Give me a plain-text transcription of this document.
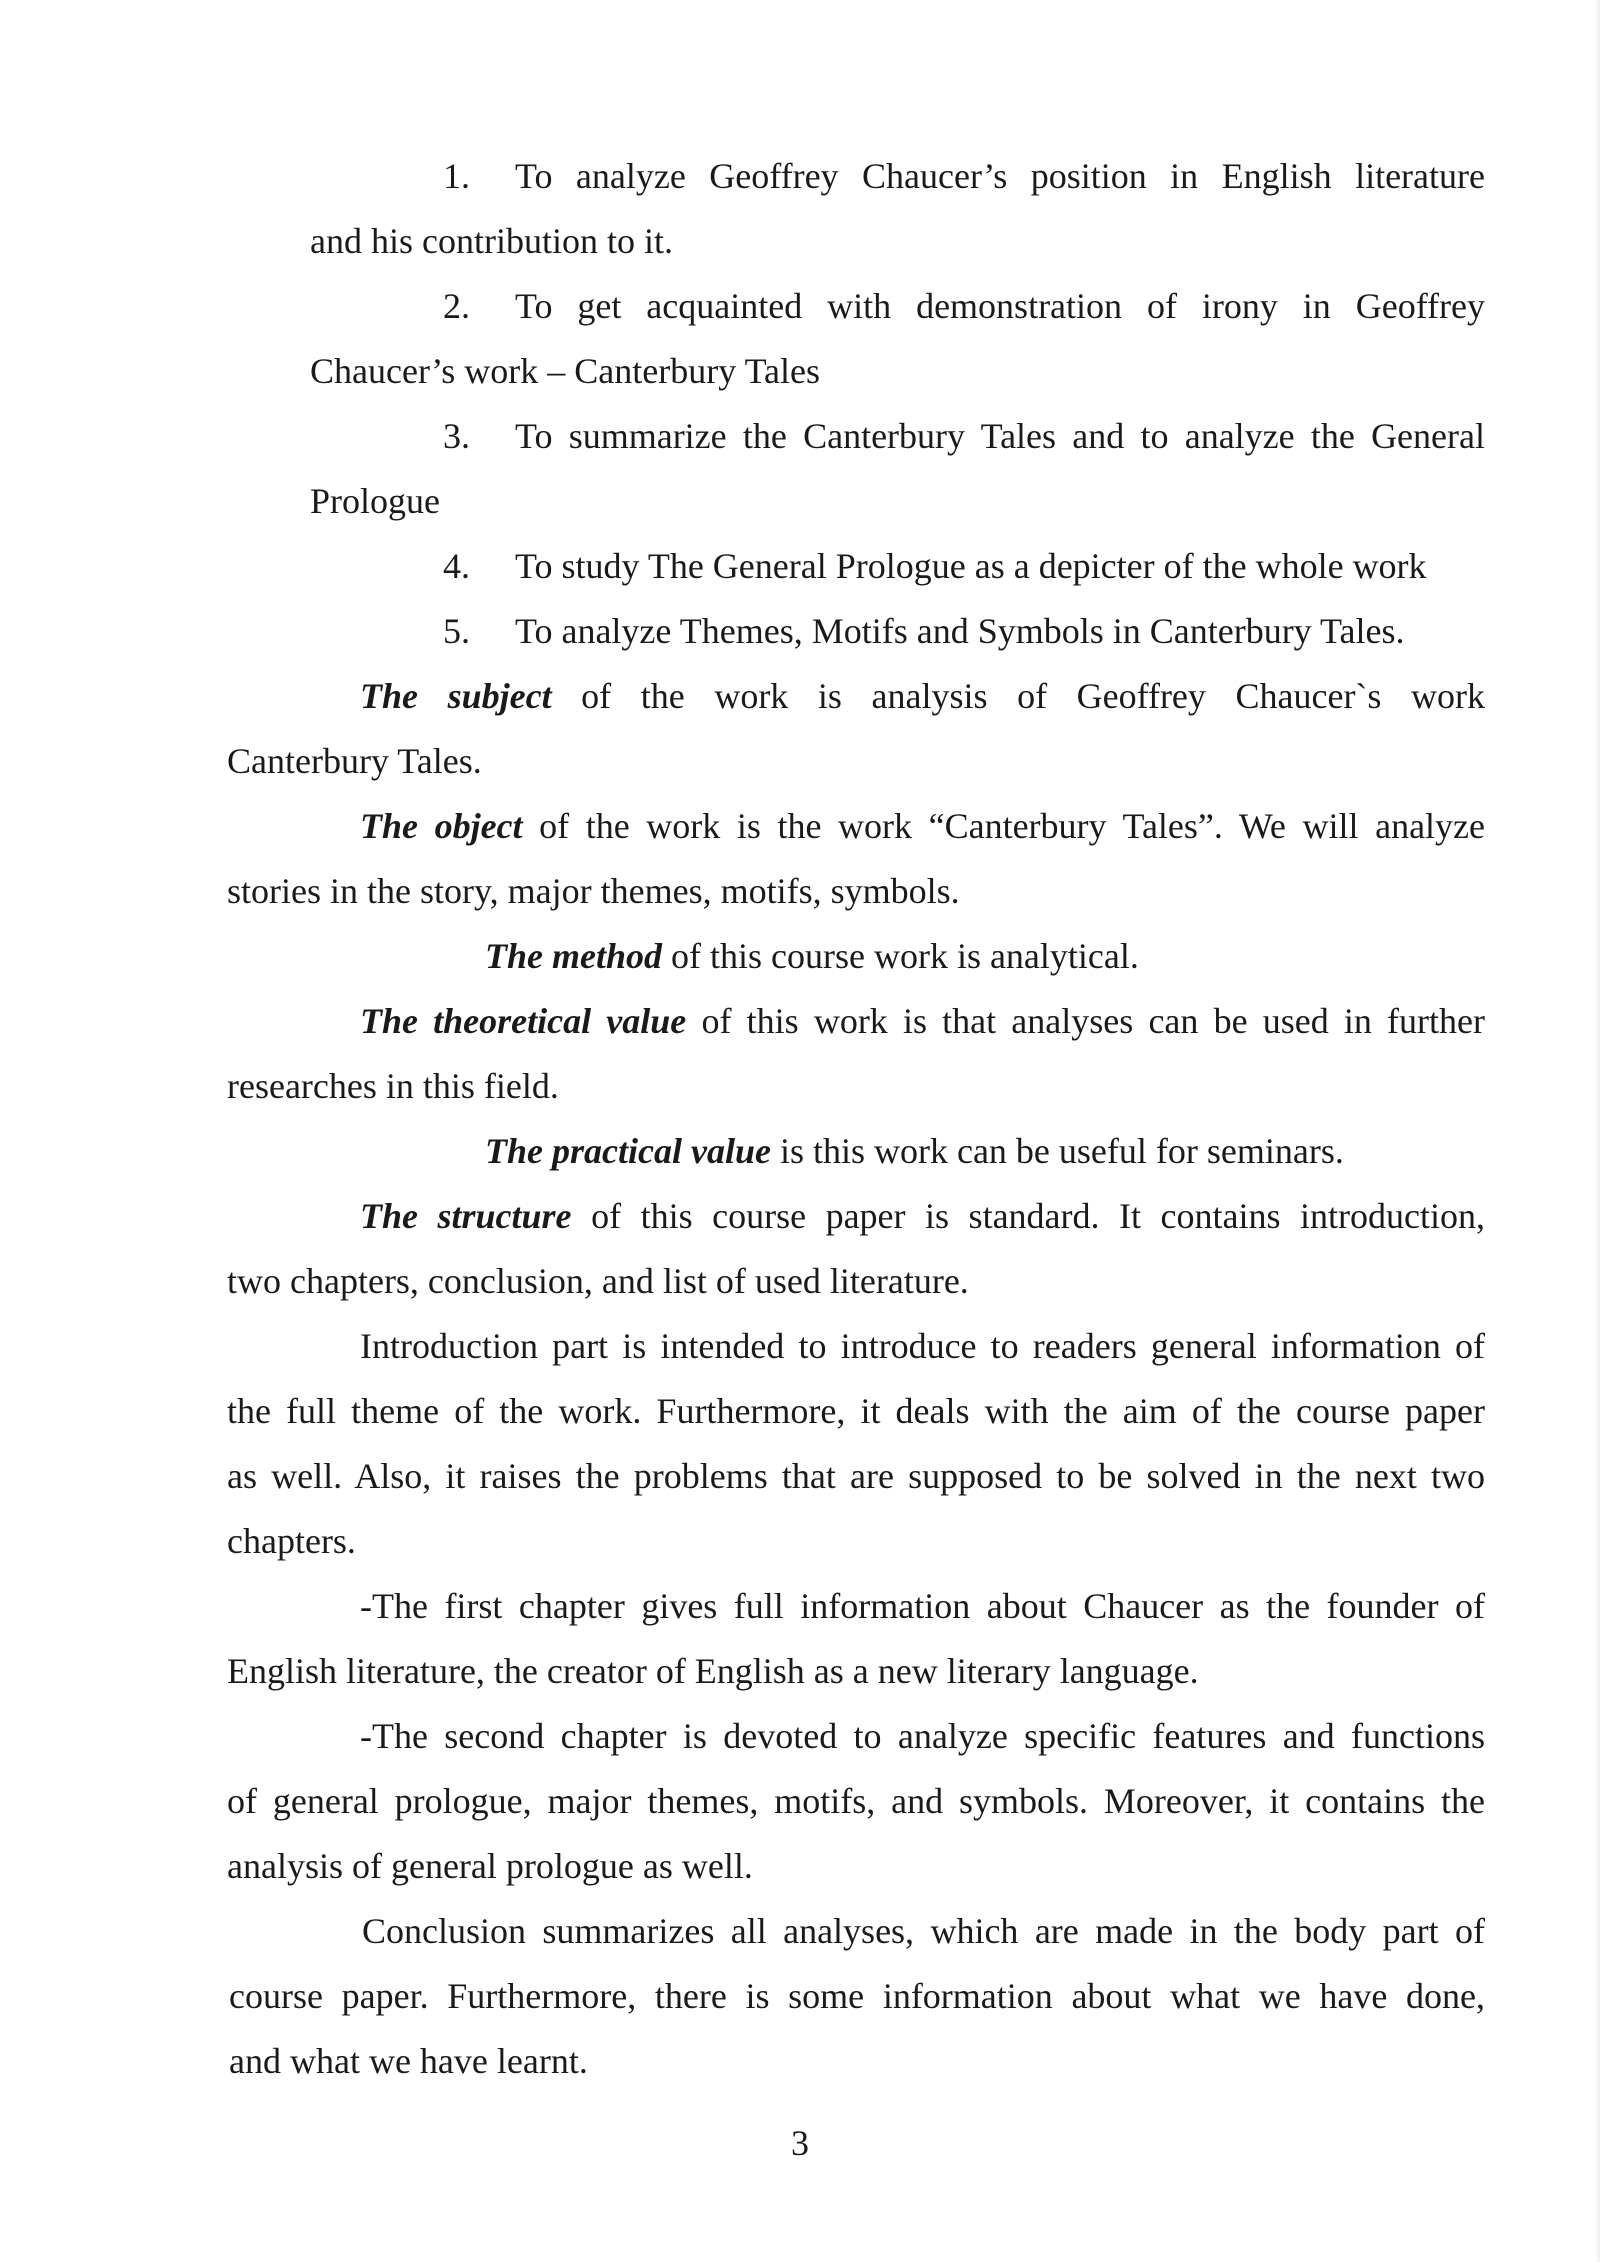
1. To analyze Geoffrey Chaucer’s position in English literature
and his contribution to it.
2. To get acquainted with demonstration of irony in Geoffrey
Chaucer’s work – Canterbury Tales
3. To summarize the Canterbury Tales and to analyze the General
Prologue
4. To study The General Prologue as a depicter of the whole work
5. To analyze Themes, Motifs and Symbols in Canterbury Tales.

The subject of the work is analysis of Geoffrey Chaucer`s work

Canterbury Tales.

The object of the work is the work “Canterbury Tales”. We will analyze

stories in the story, major themes, motifs, symbols.

The method of this course work is analytical.

The theoretical value of this work is that analyses can be used in further

researches in this field.

The practical value is this work can be useful for seminars.

The structure of this course paper is standard. It contains introduction,

two chapters, conclusion, and list of used literature.
Introduction part is intended to introduce to readers general information of
the full theme of the work. Furthermore, it deals with the aim of the course paper
as well. Also, it raises the problems that are supposed to be solved in the next two
chapters.
-The first chapter gives full information about Chaucer as the founder of
English literature, the creator of English as a new literary language.
-The second chapter is devoted to analyze specific features and functions
of general prologue, major themes, motifs, and symbols. Moreover, it contains the
analysis of general prologue as well.
Conclusion summarizes all analyses, which are made in the body part of
course paper. Furthermore, there is some information about what we have done,
and what we have learnt.
3
